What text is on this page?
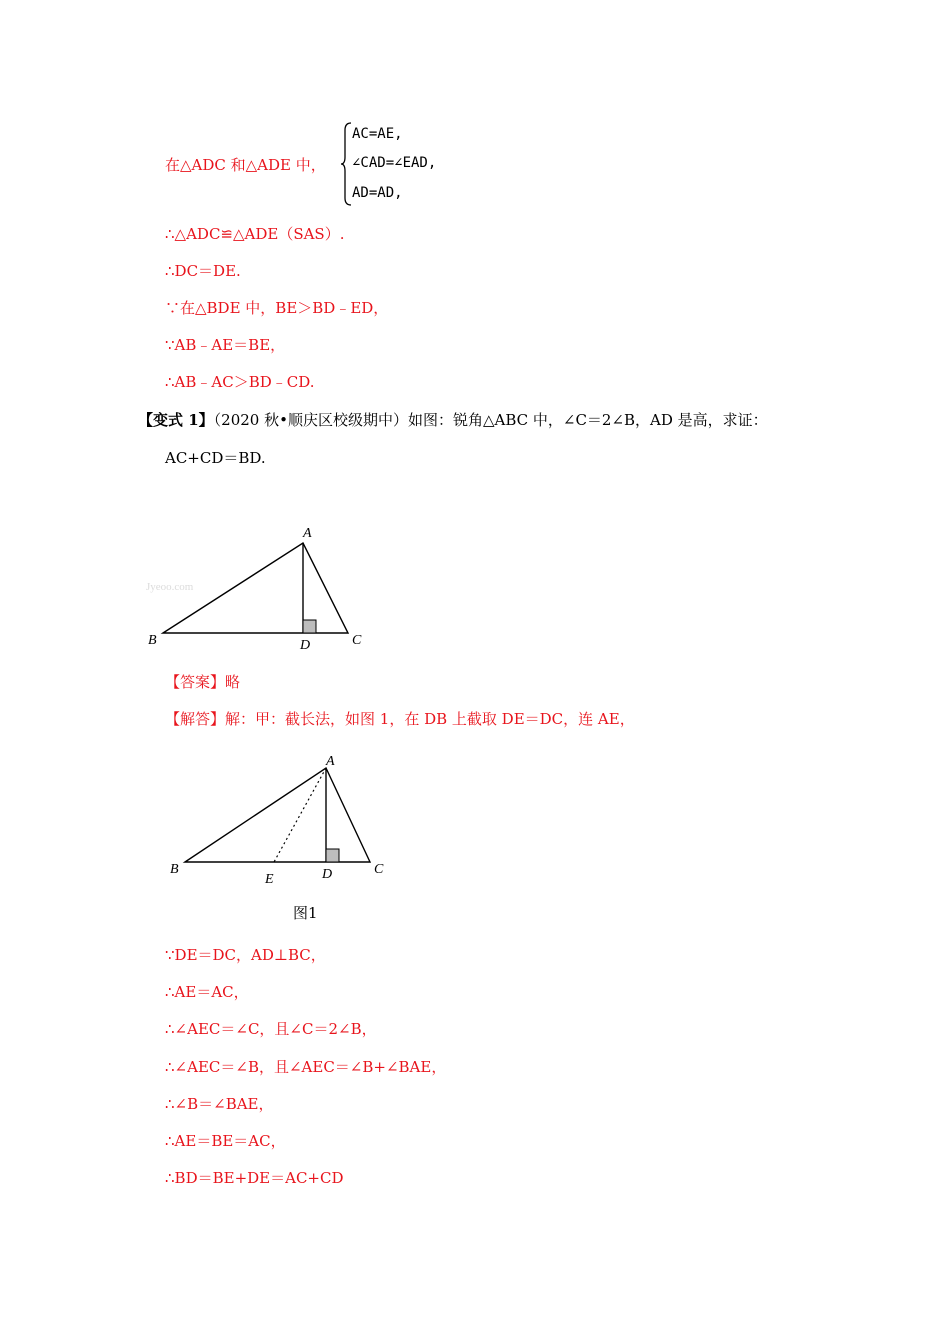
在△ADC 和△ADE 中，
AC=AE,
∠CAD=∠EAD,
AD=AD,
∴△ADC≌△ADE（SAS）.
∴DC＝DE.
∵在△BDE 中，BE＞BD﹣ED，
∵AB﹣AE＝BE，
∴AB﹣AC＞BD﹣CD.
【变式 1】（2020 秋•顺庆区校级期中）如图：锐角△ABC 中，∠C＝2∠B，AD 是高，求证：
AC+CD＝BD.
Jyeoo.com
A
B	D	C
【答案】略
【解答】解：甲：截长法，如图 1，在 DB 上截取 DE＝DC，连 AE，
A
B
E	D	C
图1
∵DE＝DC，AD⊥BC，
∴AE＝AC，
∴∠AEC＝∠C，且∠C＝2∠B，
∴∠AEC＝∠B，且∠AEC＝∠B+∠BAE，
∴∠B＝∠BAE，
∴AE＝BE＝AC，
∴BD＝BE+DE＝AC+CD
